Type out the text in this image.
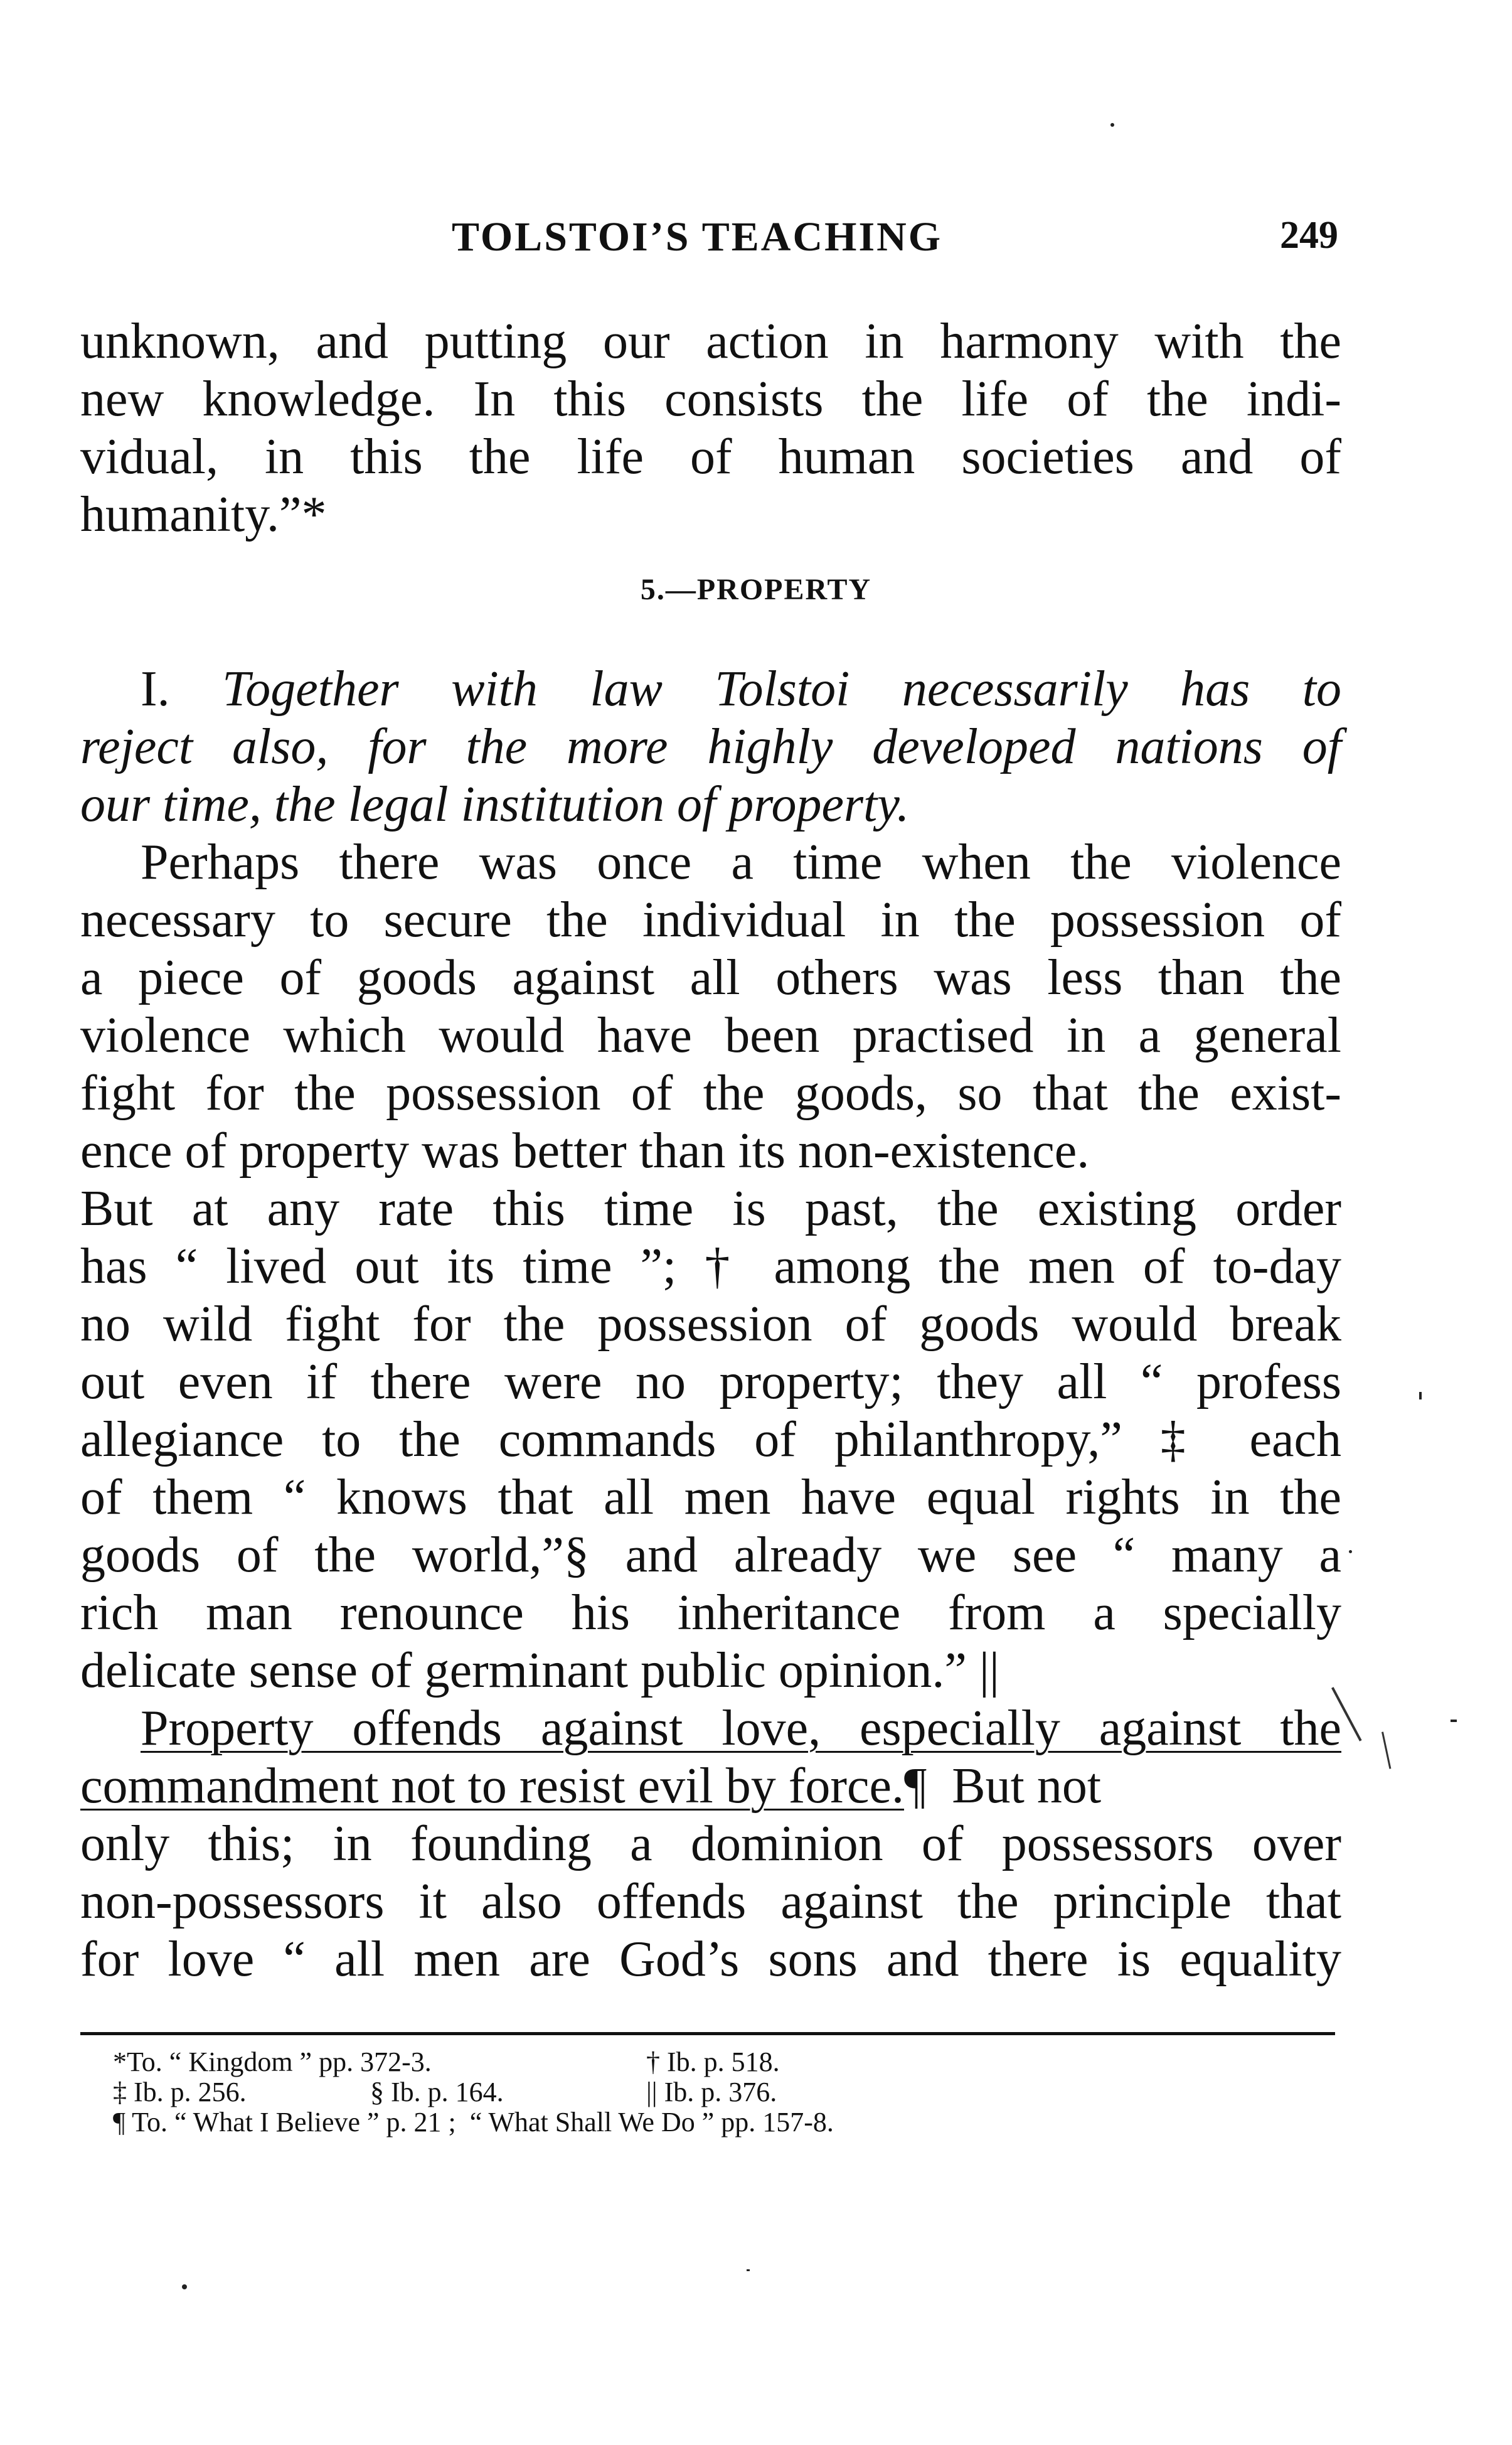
TOLSTOI’S TEACHING	249
unknown, and putting our action in harmony with the
new knowledge. In this consists the life of the indi-
vidual, in this the life of human societies and of
humanity.”*
5.—PROPERTY
I. Together with law Tolstoi necessarily has to
reject also, for the more highly developed nations of
our time, the legal institution of property.
Perhaps there was once a time when the violence
necessary to secure the individual in the possession of
a piece of goods against all others was less than the
violence which would have been practised in a general
fight for the possession of the goods, so that the exist-
ence of property was better than its non-existence.
But at any rate this time is past, the existing order
has “ lived out its time ”; † among the men of to-day
no wild fight for the possession of goods would break
out even if there were no property; they all “ profess
allegiance to the commands of philanthropy,” ‡ each
of them “ knows that all men have equal rights in the
goods of the world,”§ and already we see “ many a
rich man renounce his inheritance from a specially
delicate sense of germinant public opinion.” ||
Property offends against love, especially against the
commandment not to resist evil by force.¶  But not
only this; in founding a dominion of possessors over
non-possessors it also offends against the principle that
for love “ all men are God’s sons and there is equality
*To. “ Kingdom ” pp. 372-3.	† Ib. p. 518.
‡ Ib. p. 256.	§ Ib. p. 164.	|| Ib. p. 376.
¶ To. “ What I Believe ” p. 21 ;  “ What Shall We Do ” pp. 157-8.
